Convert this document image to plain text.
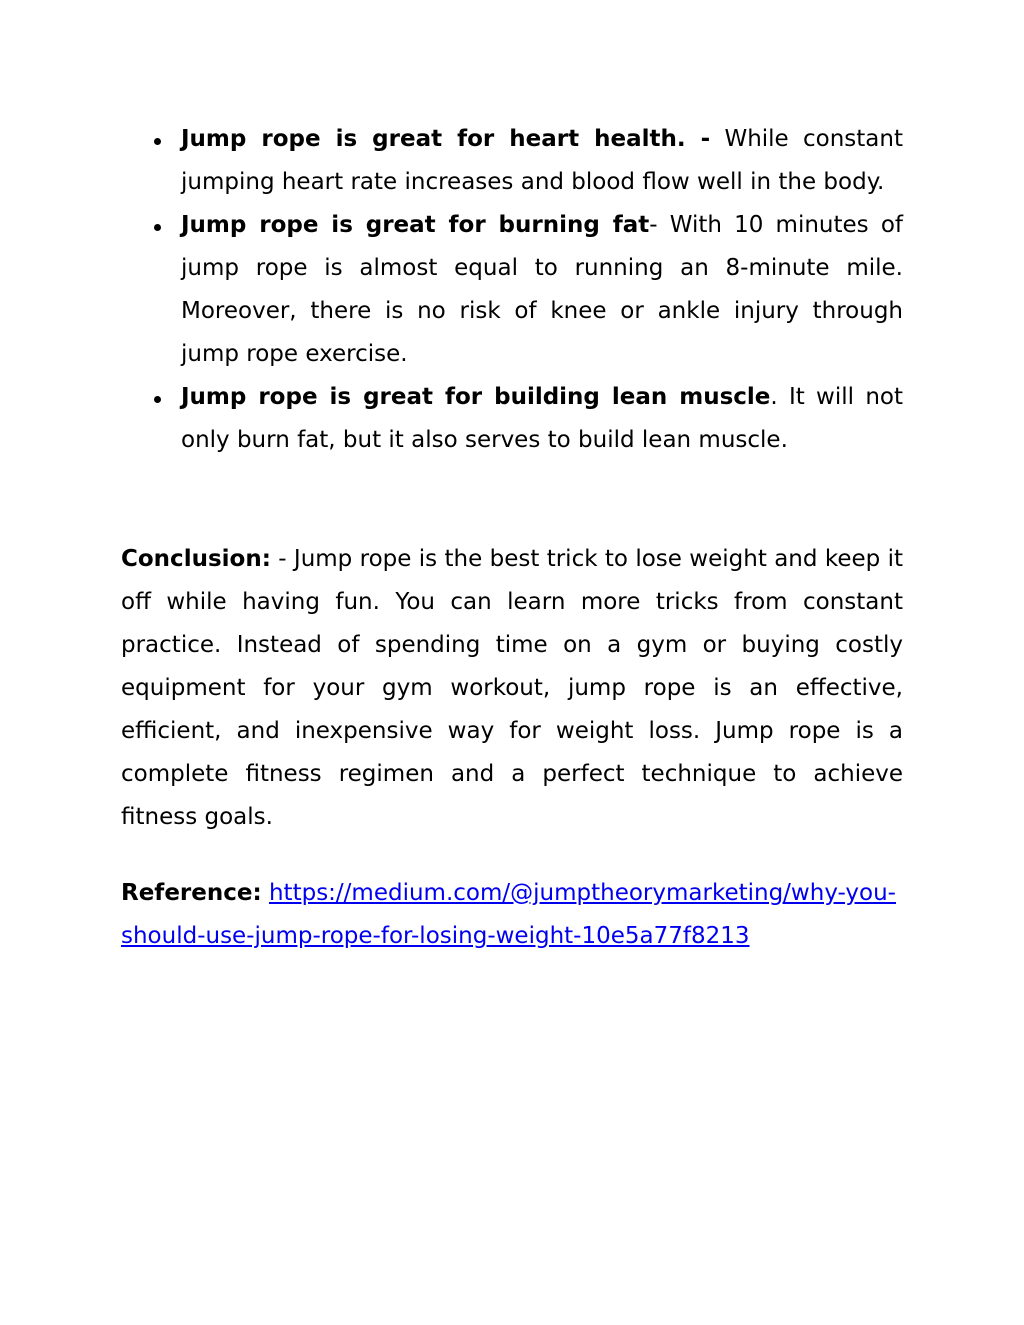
Jump rope is great for heart health. - While constant jumping heart rate increases and blood flow well in the body.
Jump rope is great for burning fat- With 10 minutes of jump rope is almost equal to running an 8-minute mile. Moreover, there is no risk of knee or ankle injury through jump rope exercise.
Jump rope is great for building lean muscle. It will not only burn fat, but it also serves to build lean muscle.

Conclusion: - Jump rope is the best trick to lose weight and keep it off while having fun. You can learn more tricks from constant practice. Instead of spending time on a gym or buying costly equipment for your gym workout, jump rope is an effective, efficient, and inexpensive way for weight loss. Jump rope is a complete fitness regimen and a perfect technique to achieve fitness goals.

Reference: https://medium.com/@jumptheorymarketing/why-you-should-use-jump-rope-for-losing-weight-10e5a77f8213
